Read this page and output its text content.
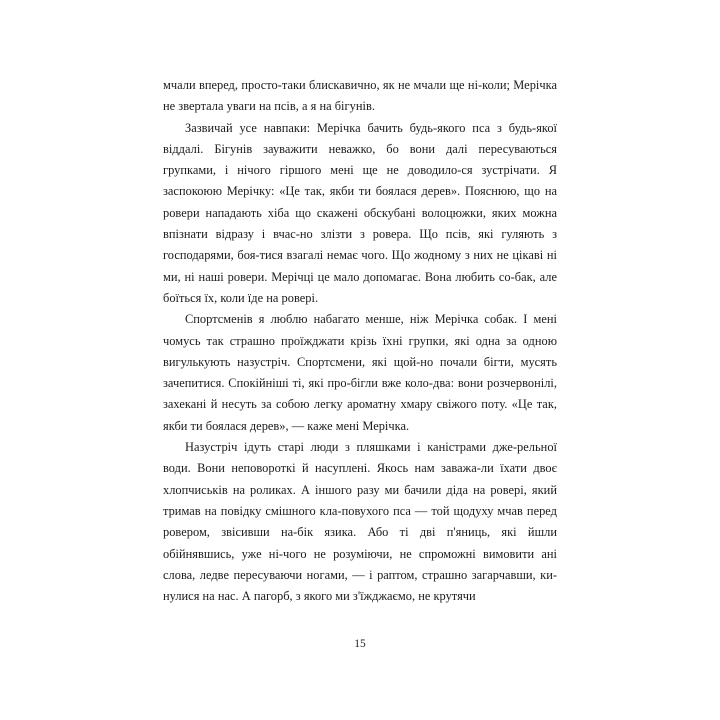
мчали вперед, просто-таки блискавично, як не мчали ще ні-коли; Мерічка не звертала уваги на псів, а я на бігунів.

Зазвичай усе навпаки: Мерічка бачить будь-якого пса з будь-якої віддалі. Бігунів зауважити неважко, бо вони далі пересуваються групками, і нічого гіршого мені ще не доводило-ся зустрічати. Я заспокоюю Мерічку: «Це так, якби ти боялася дерев». Пояснюю, що на ровери нападають хіба що скажені обскубані волоцюжки, яких можна впізнати відразу і вчас-но злізти з ровера. Що псів, які гуляють з господарями, боя-тися взагалі немає чого. Що жодному з них не цікаві ні ми, ні наші ровери. Мерічці це мало допомагає. Вона любить со-бак, але боїться їх, коли їде на ровері.

Спортсменів я люблю набагато менше, ніж Мерічка собак. І мені чомусь так страшно проїжджати крізь їхні групки, які одна за одною вигулькують назустріч. Спортсмени, які щой-но почали бігти, мусять зачепитися. Спокійніші ті, які про-бігли вже коло-два: вони розчервонілі, захекані й несуть за собою легку ароматну хмару свіжого поту. «Це так, якби ти боялася дерев», — каже мені Мерічка.

Назустріч ідуть старі люди з пляшками і каністрами дже-рельної води. Вони неповороткі й насуплені. Якось нам заважа-ли їхати двоє хлопчиськів на роликах. А іншого разу ми бачили діда на ровері, який тримав на повідку смішного кла-повухого пса — той щодуху мчав перед ровером, звісивши на-бік язика. Або ті дві п'яниць, які йшли обійнявшись, уже ні-чого не розуміючи, не спроможні вимовити ані слова, ледве пересуваючи ногами, — і раптом, страшно загарчавши, ки-нулися на нас. А пагорб, з якого ми з'їжджаємо, не крутячи

15
